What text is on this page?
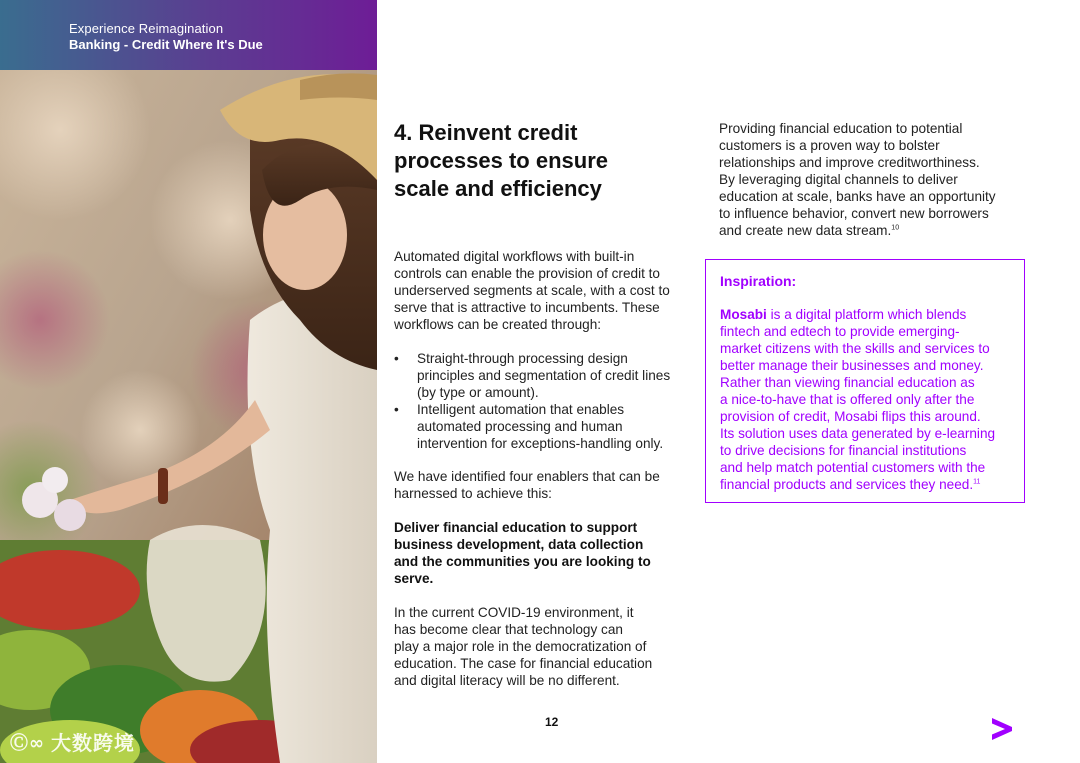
Experience Reimagination
Banking - Credit Where It's Due
Ⓒ∞ 大数跨境
4. Reinvent credit
processes to ensure
scale and efficiency

Automated digital workflows with built-in
controls can enable the provision of credit to
underserved segments at scale, with a cost to
serve that is attractive to incumbents. These
workflows can be created through:

• Straight-through processing design
principles and segmentation of credit lines
(by type or amount).
• Intelligent automation that enables
automated processing and human
intervention for exceptions-handling only.

We have identified four enablers that can be
harnessed to achieve this:

Deliver financial education to support
business development, data collection
and the communities you are looking to
serve.

In the current COVID-19 environment, it
has become clear that technology can
play a major role in the democratization of
education. The case for financial education
and digital literacy will be no different.

12

Providing financial education to potential
customers is a proven way to bolster
relationships and improve creditworthiness.
By leveraging digital channels to deliver
education at scale, banks have an opportunity
to influence behavior, convert new borrowers
and create new data stream.$^{10}$

Inspiration:

Mosabi is a digital platform which blends
fintech and edtech to provide emerging-
market citizens with the skills and services to
better manage their businesses and money.
Rather than viewing financial education as
a nice-to-have that is offered only after the
provision of credit, Mosabi flips this around.
Its solution uses data generated by e-learning
to drive decisions for financial institutions
and help match potential customers with the
financial products and services they need.$^{11}$
